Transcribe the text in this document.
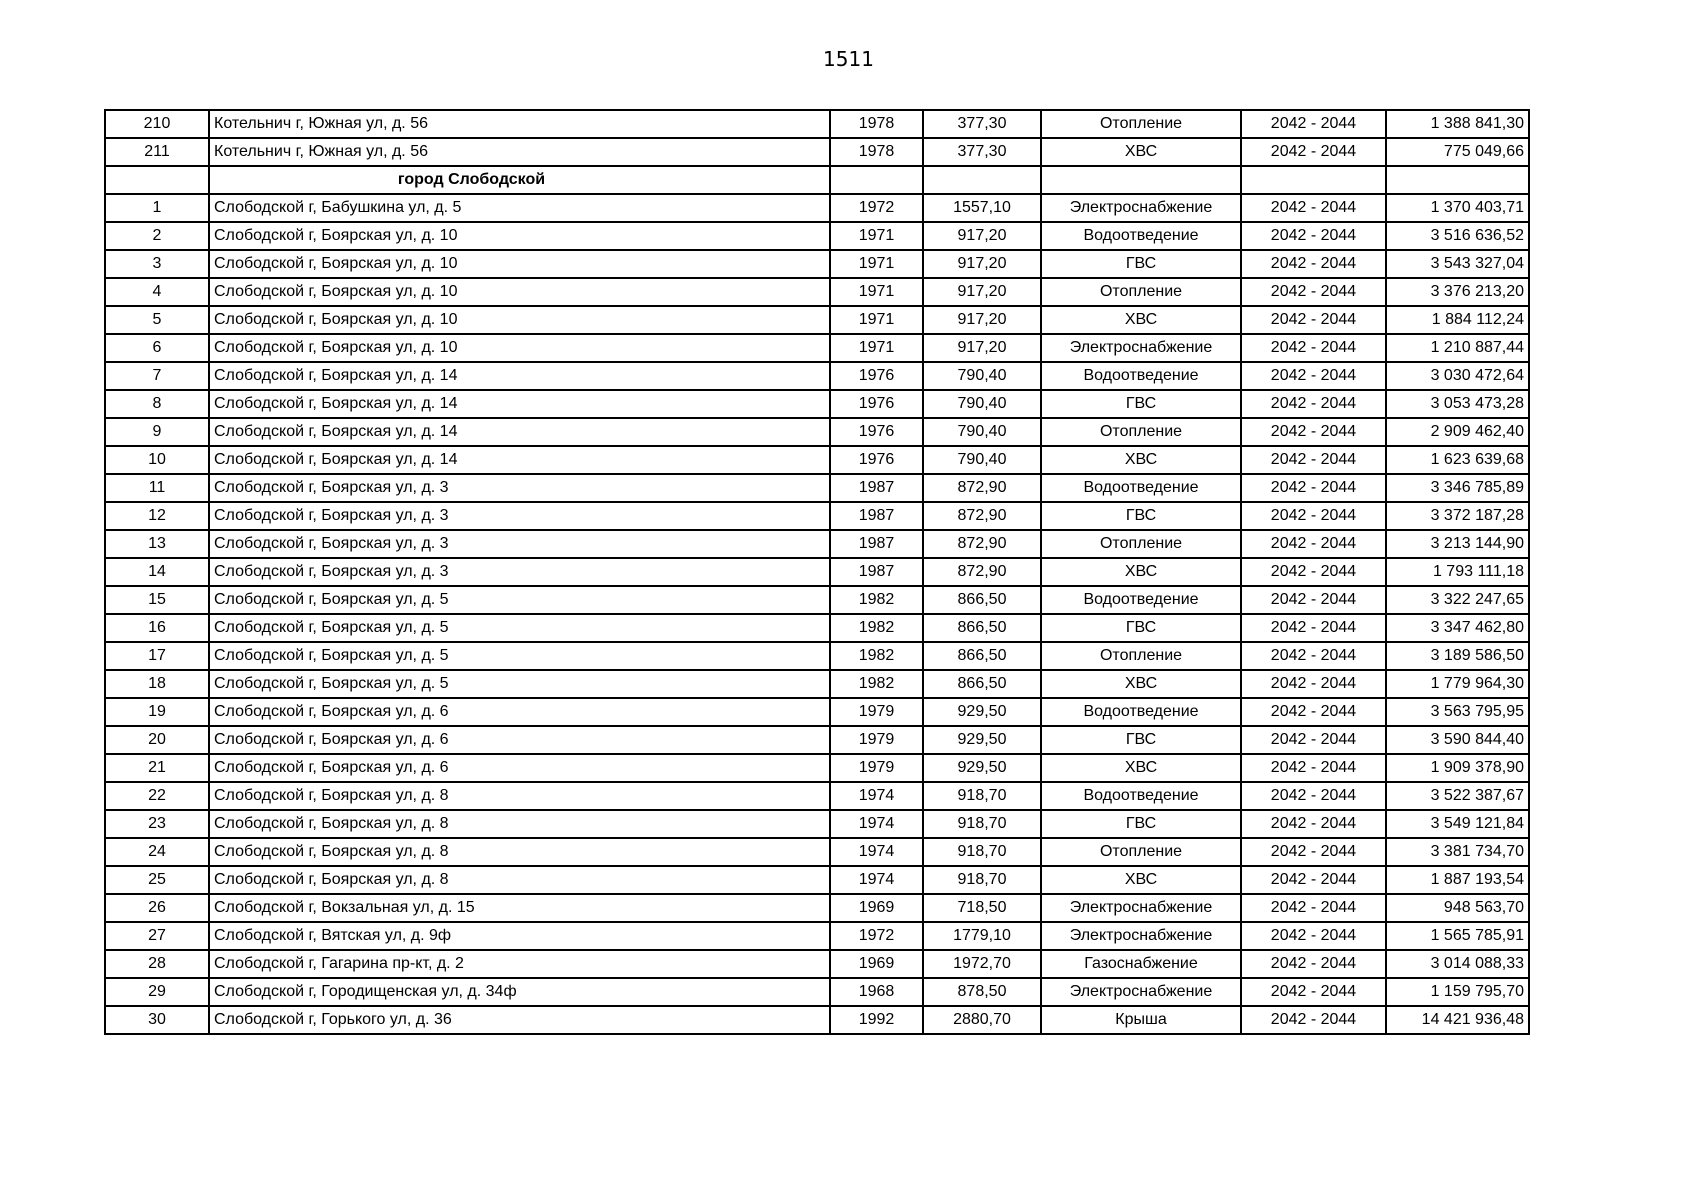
1511
210	Котельнич г, Южная ул, д. 56	1978	377,30	Отопление	2042 - 2044	1 388 841,30
211	Котельнич г, Южная ул, д. 56	1978	377,30	ХВС	2042 - 2044	775 049,66
	город Слободской					
1	Слободской г, Бабушкина ул, д. 5	1972	1557,10	Электроснабжение	2042 - 2044	1 370 403,71
2	Слободской г, Боярская ул, д. 10	1971	917,20	Водоотведение	2042 - 2044	3 516 636,52
3	Слободской г, Боярская ул, д. 10	1971	917,20	ГВС	2042 - 2044	3 543 327,04
4	Слободской г, Боярская ул, д. 10	1971	917,20	Отопление	2042 - 2044	3 376 213,20
5	Слободской г, Боярская ул, д. 10	1971	917,20	ХВС	2042 - 2044	1 884 112,24
6	Слободской г, Боярская ул, д. 10	1971	917,20	Электроснабжение	2042 - 2044	1 210 887,44
7	Слободской г, Боярская ул, д. 14	1976	790,40	Водоотведение	2042 - 2044	3 030 472,64
8	Слободской г, Боярская ул, д. 14	1976	790,40	ГВС	2042 - 2044	3 053 473,28
9	Слободской г, Боярская ул, д. 14	1976	790,40	Отопление	2042 - 2044	2 909 462,40
10	Слободской г, Боярская ул, д. 14	1976	790,40	ХВС	2042 - 2044	1 623 639,68
11	Слободской г, Боярская ул, д. 3	1987	872,90	Водоотведение	2042 - 2044	3 346 785,89
12	Слободской г, Боярская ул, д. 3	1987	872,90	ГВС	2042 - 2044	3 372 187,28
13	Слободской г, Боярская ул, д. 3	1987	872,90	Отопление	2042 - 2044	3 213 144,90
14	Слободской г, Боярская ул, д. 3	1987	872,90	ХВС	2042 - 2044	1 793 111,18
15	Слободской г, Боярская ул, д. 5	1982	866,50	Водоотведение	2042 - 2044	3 322 247,65
16	Слободской г, Боярская ул, д. 5	1982	866,50	ГВС	2042 - 2044	3 347 462,80
17	Слободской г, Боярская ул, д. 5	1982	866,50	Отопление	2042 - 2044	3 189 586,50
18	Слободской г, Боярская ул, д. 5	1982	866,50	ХВС	2042 - 2044	1 779 964,30
19	Слободской г, Боярская ул, д. 6	1979	929,50	Водоотведение	2042 - 2044	3 563 795,95
20	Слободской г, Боярская ул, д. 6	1979	929,50	ГВС	2042 - 2044	3 590 844,40
21	Слободской г, Боярская ул, д. 6	1979	929,50	ХВС	2042 - 2044	1 909 378,90
22	Слободской г, Боярская ул, д. 8	1974	918,70	Водоотведение	2042 - 2044	3 522 387,67
23	Слободской г, Боярская ул, д. 8	1974	918,70	ГВС	2042 - 2044	3 549 121,84
24	Слободской г, Боярская ул, д. 8	1974	918,70	Отопление	2042 - 2044	3 381 734,70
25	Слободской г, Боярская ул, д. 8	1974	918,70	ХВС	2042 - 2044	1 887 193,54
26	Слободской г, Вокзальная ул, д. 15	1969	718,50	Электроснабжение	2042 - 2044	948 563,70
27	Слободской г, Вятская ул, д. 9ф	1972	1779,10	Электроснабжение	2042 - 2044	1 565 785,91
28	Слободской г, Гагарина пр-кт, д. 2	1969	1972,70	Газоснабжение	2042 - 2044	3 014 088,33
29	Слободской г, Городищенская ул, д. 34ф	1968	878,50	Электроснабжение	2042 - 2044	1 159 795,70
30	Слободской г, Горького ул, д. 36	1992	2880,70	Крыша	2042 - 2044	14 421 936,48
